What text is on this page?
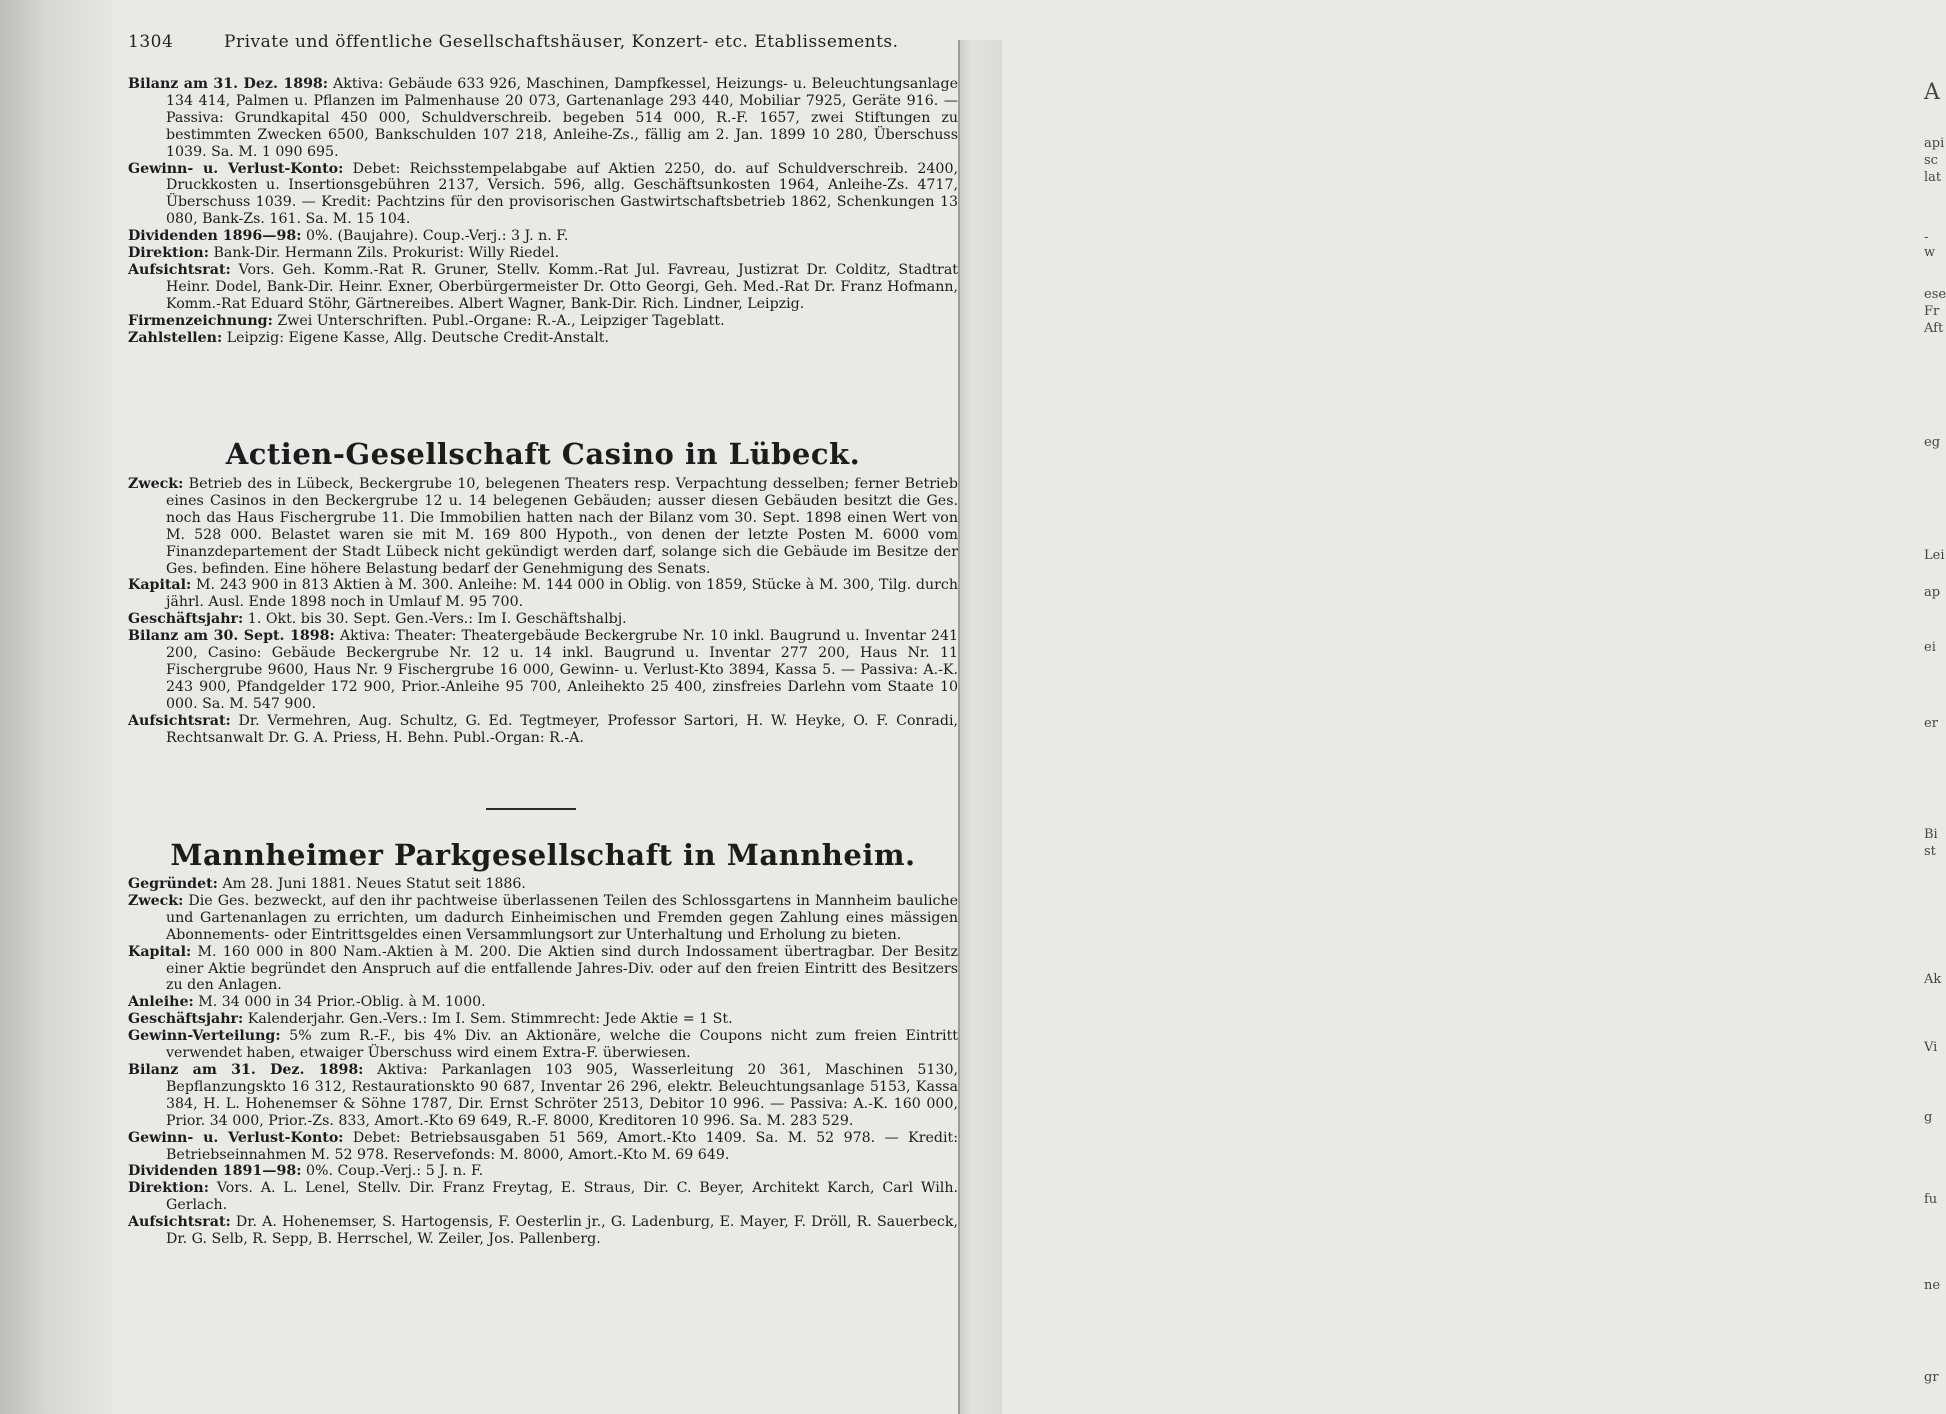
A
api
sc
lat
-w
ese
Fr
Aft
eg
Lei
ap
ei
er
Bi
st
Ak
Vi
g
fu
ne
gr
1304	Private und öffentliche Gesellschaftshäuser, Konzert- etc. Etablissements.

Bilanz am 31. Dez. 1898: Aktiva: Gebäude 633 926, Maschinen, Dampfkessel, Heizungs- u. Beleuchtungsanlage 134 414, Palmen u. Pflanzen im Palmenhause 20 073, Gartenanlage 293 440, Mobiliar 7925, Geräte 916. — Passiva: Grundkapital 450 000, Schuldverschreib. begeben 514 000, R.-F. 1657, zwei Stiftungen zu bestimmten Zwecken 6500, Bankschulden 107 218, Anleihe-Zs., fällig am 2. Jan. 1899 10 280, Überschuss 1039. Sa. M. 1 090 695.

Gewinn- u. Verlust-Konto: Debet: Reichsstempelabgabe auf Aktien 2250, do. auf Schuldverschreib. 2400, Druckkosten u. Insertionsgebühren 2137, Versich. 596, allg. Geschäftsunkosten 1964, Anleihe-Zs. 4717, Überschuss 1039. — Kredit: Pachtzins für den provisorischen Gastwirtschaftsbetrieb 1862, Schenkungen 13 080, Bank-Zs. 161. Sa. M. 15 104.

Dividenden 1896—98: 0%. (Baujahre). Coup.-Verj.: 3 J. n. F.

Direktion: Bank-Dir. Hermann Zils. Prokurist: Willy Riedel.

Aufsichtsrat: Vors. Geh. Komm.-Rat R. Gruner, Stellv. Komm.-Rat Jul. Favreau, Justizrat Dr. Colditz, Stadtrat Heinr. Dodel, Bank-Dir. Heinr. Exner, Oberbürgermeister Dr. Otto Georgi, Geh. Med.-Rat Dr. Franz Hofmann, Komm.-Rat Eduard Stöhr, Gärtnereibes. Albert Wagner, Bank-Dir. Rich. Lindner, Leipzig.

Firmenzeichnung: Zwei Unterschriften. Publ.-Organe: R.-A., Leipziger Tageblatt.

Zahlstellen: Leipzig: Eigene Kasse, Allg. Deutsche Credit-Anstalt.

Actien-Gesellschaft Casino in Lübeck.

Zweck: Betrieb des in Lübeck, Beckergrube 10, belegenen Theaters resp. Verpachtung desselben; ferner Betrieb eines Casinos in den Beckergrube 12 u. 14 belegenen Gebäuden; ausser diesen Gebäuden besitzt die Ges. noch das Haus Fischergrube 11. Die Immobilien hatten nach der Bilanz vom 30. Sept. 1898 einen Wert von M. 528 000. Belastet waren sie mit M. 169 800 Hypoth., von denen der letzte Posten M. 6000 vom Finanzdepartement der Stadt Lübeck nicht gekündigt werden darf, solange sich die Gebäude im Besitze der Ges. befinden. Eine höhere Belastung bedarf der Genehmigung des Senats.

Kapital: M. 243 900 in 813 Aktien à M. 300. Anleihe: M. 144 000 in Oblig. von 1859, Stücke à M. 300, Tilg. durch jährl. Ausl. Ende 1898 noch in Umlauf M. 95 700.

Geschäftsjahr: 1. Okt. bis 30. Sept. Gen.-Vers.: Im I. Geschäftshalbj.

Bilanz am 30. Sept. 1898: Aktiva: Theater: Theatergebäude Beckergrube Nr. 10 inkl. Baugrund u. Inventar 241 200, Casino: Gebäude Beckergrube Nr. 12 u. 14 inkl. Baugrund u. Inventar 277 200, Haus Nr. 11 Fischergrube 9600, Haus Nr. 9 Fischergrube 16 000, Gewinn- u. Verlust-Kto 3894, Kassa 5. — Passiva: A.-K. 243 900, Pfandgelder 172 900, Prior.-Anleihe 95 700, Anleihekto 25 400, zinsfreies Darlehn vom Staate 10 000. Sa. M. 547 900.

Aufsichtsrat: Dr. Vermehren, Aug. Schultz, G. Ed. Tegtmeyer, Professor Sartori, H. W. Heyke, O. F. Conradi, Rechtsanwalt Dr. G. A. Priess, H. Behn. Publ.-Organ: R.-A.

Mannheimer Parkgesellschaft in Mannheim.

Gegründet: Am 28. Juni 1881. Neues Statut seit 1886.

Zweck: Die Ges. bezweckt, auf den ihr pachtweise überlassenen Teilen des Schlossgartens in Mannheim bauliche und Gartenanlagen zu errichten, um dadurch Einheimischen und Fremden gegen Zahlung eines mässigen Abonnements- oder Eintrittsgeldes einen Versammlungsort zur Unterhaltung und Erholung zu bieten.

Kapital: M. 160 000 in 800 Nam.-Aktien à M. 200. Die Aktien sind durch Indossament übertragbar. Der Besitz einer Aktie begründet den Anspruch auf die entfallende Jahres-Div. oder auf den freien Eintritt des Besitzers zu den Anlagen.

Anleihe: M. 34 000 in 34 Prior.-Oblig. à M. 1000.

Geschäftsjahr: Kalenderjahr. Gen.-Vers.: Im I. Sem. Stimmrecht: Jede Aktie = 1 St.

Gewinn-Verteilung: 5% zum R.-F., bis 4% Div. an Aktionäre, welche die Coupons nicht zum freien Eintritt verwendet haben, etwaiger Überschuss wird einem Extra-F. überwiesen.

Bilanz am 31. Dez. 1898: Aktiva: Parkanlagen 103 905, Wasserleitung 20 361, Maschinen 5130, Bepflanzungskto 16 312, Restaurationskto 90 687, Inventar 26 296, elektr. Beleuchtungsanlage 5153, Kassa 384, H. L. Hohenemser & Söhne 1787, Dir. Ernst Schröter 2513, Debitor 10 996. — Passiva: A.-K. 160 000, Prior. 34 000, Prior.-Zs. 833, Amort.-Kto 69 649, R.-F. 8000, Kreditoren 10 996. Sa. M. 283 529.

Gewinn- u. Verlust-Konto: Debet: Betriebsausgaben 51 569, Amort.-Kto 1409. Sa. M. 52 978. — Kredit: Betriebseinnahmen M. 52 978. Reservefonds: M. 8000, Amort.-Kto M. 69 649.

Dividenden 1891—98: 0%. Coup.-Verj.: 5 J. n. F.

Direktion: Vors. A. L. Lenel, Stellv. Dir. Franz Freytag, E. Straus, Dir. C. Beyer, Architekt Karch, Carl Wilh. Gerlach.

Aufsichtsrat: Dr. A. Hohenemser, S. Hartogensis, F. Oesterlin jr., G. Ladenburg, E. Mayer, F. Dröll, R. Sauerbeck, Dr. G. Selb, R. Sepp, B. Herrschel, W. Zeiler, Jos. Pallenberg.
